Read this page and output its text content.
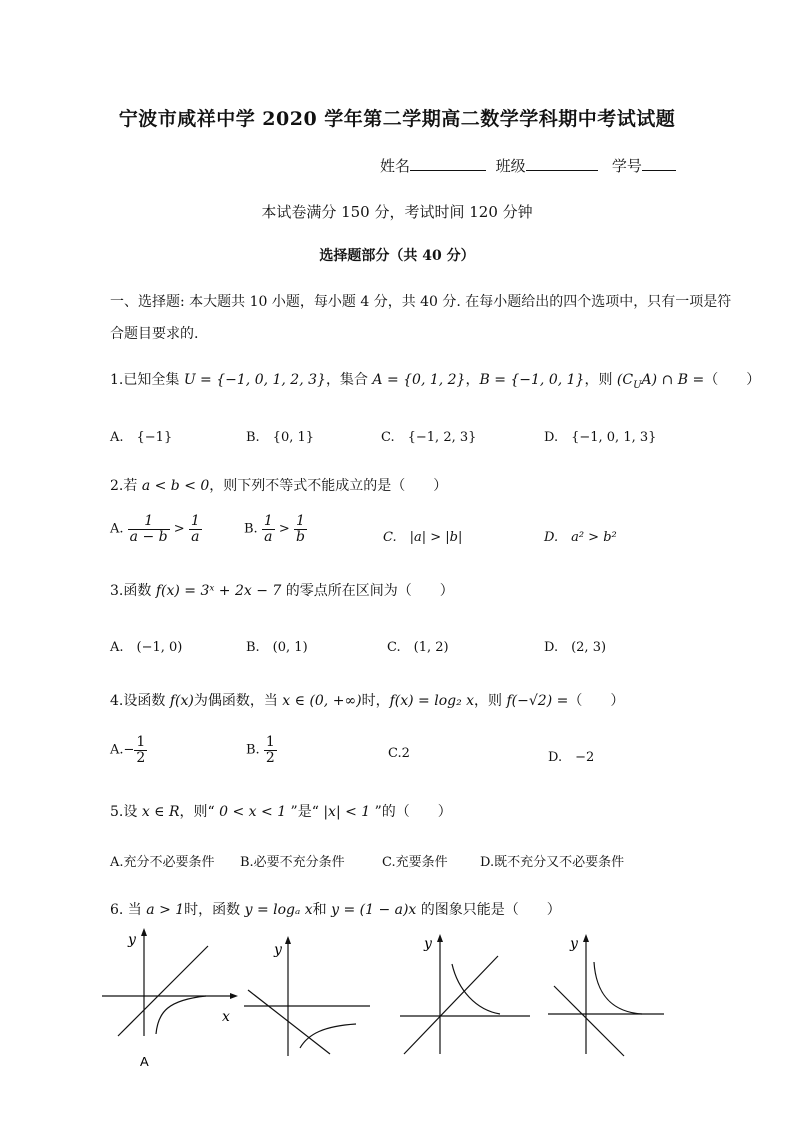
宁波市咸祥中学 2020 学年第二学期高二数学学科期中考试试题
姓名	班级	学号
本试卷满分 150 分，考试时间 120 分钟
选择题部分（共 40 分）
一、选择题: 本大题共 10 小题，每小题 4 分，共 40 分. 在每小题给出的四个选项中，只有一项是符
合题目要求的.
1.已知全集 U = {−1, 0, 1, 2, 3}，集合 A = {0, 1, 2}，B = {−1, 0, 1}，则 $(C_UA)$ ∩ B =（　　）
A.　{−1}	B.　{0, 1}	C.　{−1, 2, 3}	D.　{−1, 0, 1, 3}
2.若 a < b < 0，则下列不等式不能成立的是（　　）
A. $\frac{1}{a - b} > \frac{1}{a}$	B. $\frac{1}{a} > \frac{1}{b}$	C.　|a| > |b|	D.　a² > b²
3.函数 f(x) = 3ˣ + 2x − 7 的零点所在区间为（　　）
A.　(−1, 0)	B.　(0, 1)	C.　(1, 2)	D.　(2, 3)
4.设函数 f(x)为偶函数，当 x ∈ (0, +∞)时，f(x) = log₂ x，则 f(−√2) =（　　）
$A.- \frac{1}{2}$	B. $\frac{1}{2}$	C.2	D.　−2
5.设 x ∈ R，则“ 0 < x < 1 ”是“ |x| < 1 ”的（　　）
A.充分不必要条件 B.必要不充分条件	C.充要条件 D.既不充分又不必要条件
6. 当 a > 1时，函数 y = logₐ x和 y = (1 − a)x 的图象只能是（　　）
y
x
A
y	y	y
